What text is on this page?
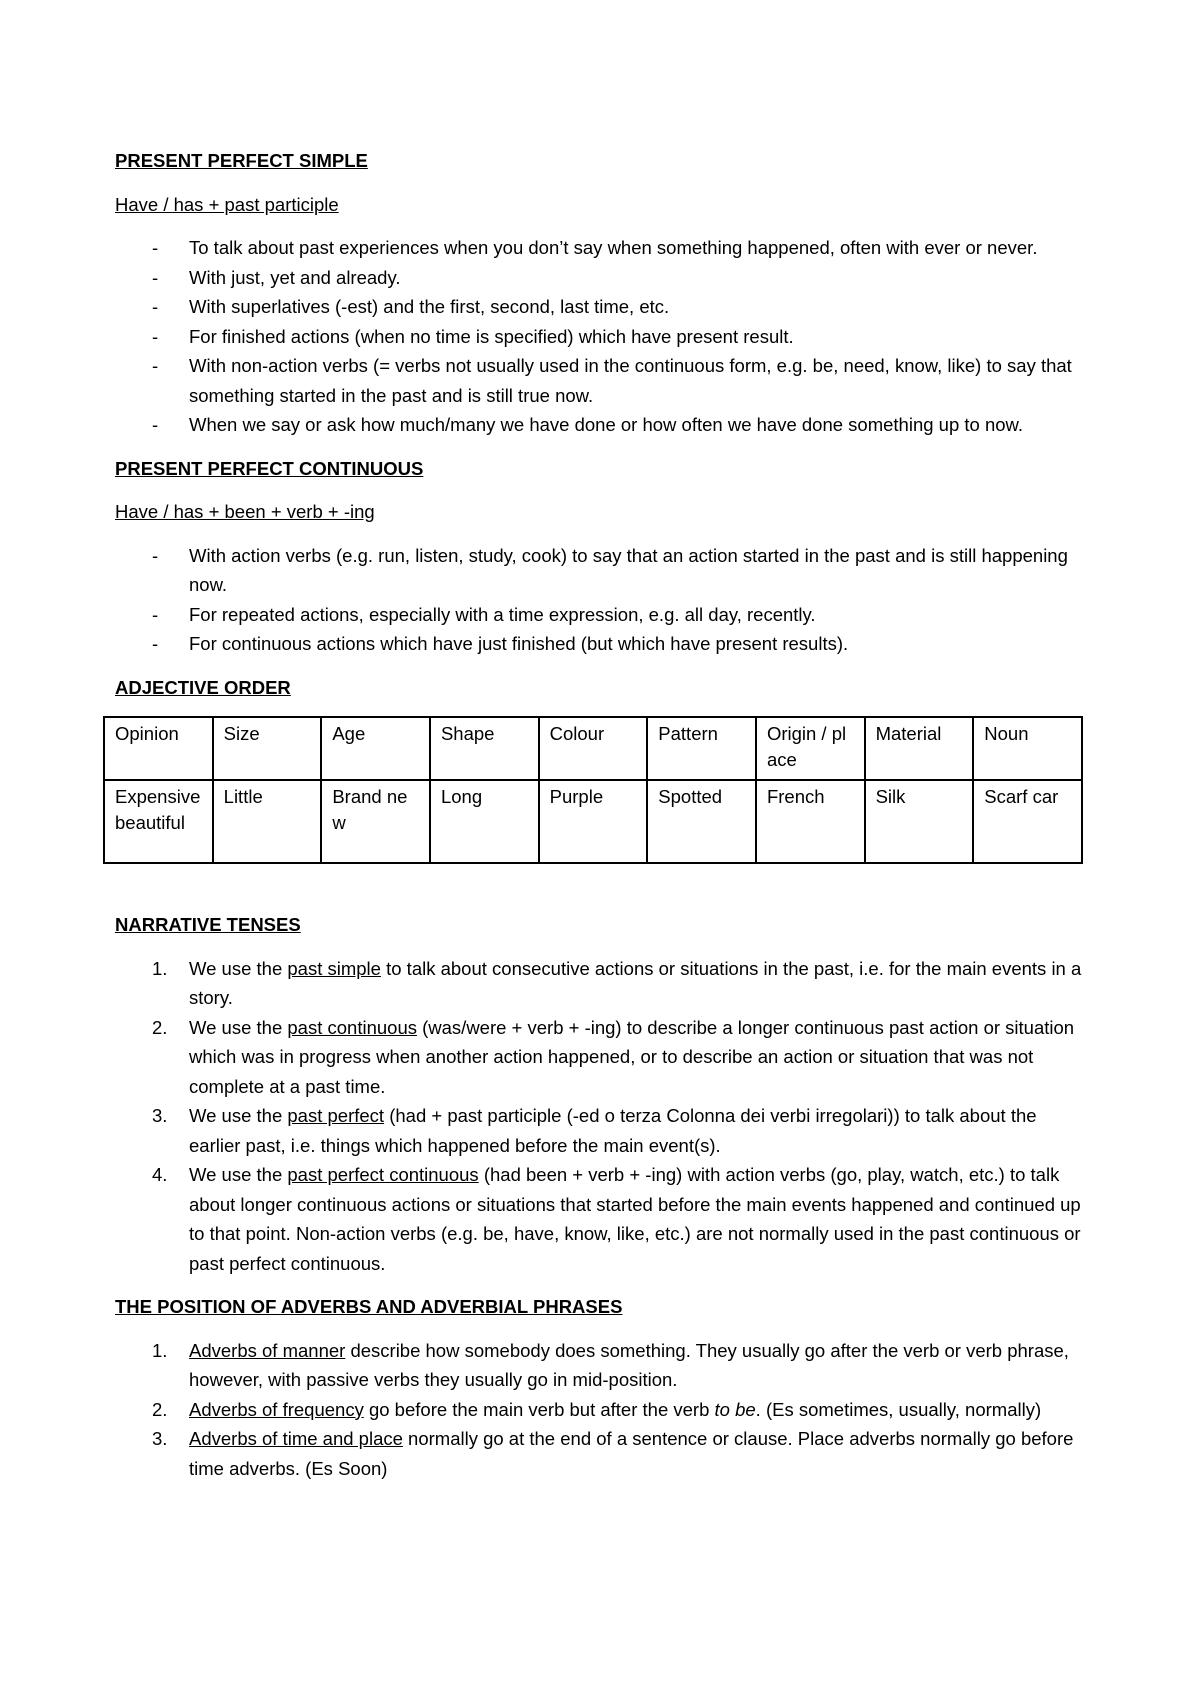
PRESENT PERFECT SIMPLE
Have / has + past participle
- To talk about past experiences when you don’t say when something happened, often with ever or never.
- With just, yet and already.
- With superlatives (-est) and the first, second, last time, etc.
- For finished actions (when no time is specified) which have present result.
- With non-action verbs (= verbs not usually used in the continuous form, e.g. be, need, know, like) to say that something started in the past and is still true now.
- When we say or ask how much/many we have done or how often we have done something up to now.
PRESENT PERFECT CONTINUOUS
Have / has + been + verb + -ing
- With action verbs (e.g. run, listen, study, cook) to say that an action started in the past and is still happening now.
- For repeated actions, especially with a time expression, e.g. all day, recently.
- For continuous actions which have just finished (but which have present results).
ADJECTIVE ORDER
Opinion	Size	Age	Shape	Colour	Pattern	Origin / place	Material	Noun
Expensive beautiful	Little	Brand new	Long	Purple	Spotted	French	Silk	Scarf car
NARRATIVE TENSES
1. We use the past simple to talk about consecutive actions or situations in the past, i.e. for the main events in a story.
2. We use the past continuous (was/were + verb + -ing) to describe a longer continuous past action or situation which was in progress when another action happened, or to describe an action or situation that was not complete at a past time.
3. We use the past perfect (had + past participle (-ed o terza Colonna dei verbi irregolari)) to talk about the earlier past, i.e. things which happened before the main event(s).
4. We use the past perfect continuous (had been + verb + -ing) with action verbs (go, play, watch, etc.) to talk about longer continuous actions or situations that started before the main events happened and continued up to that point. Non-action verbs (e.g. be, have, know, like, etc.) are not normally used in the past continuous or past perfect continuous.
THE POSITION OF ADVERBS AND ADVERBIAL PHRASES
1. Adverbs of manner describe how somebody does something. They usually go after the verb or verb phrase, however, with passive verbs they usually go in mid-position.
2. Adverbs of frequency go before the main verb but after the verb to be. (Es sometimes, usually, normally)
3. Adverbs of time and place normally go at the end of a sentence or clause. Place adverbs normally go before time adverbs. (Es Soon)
